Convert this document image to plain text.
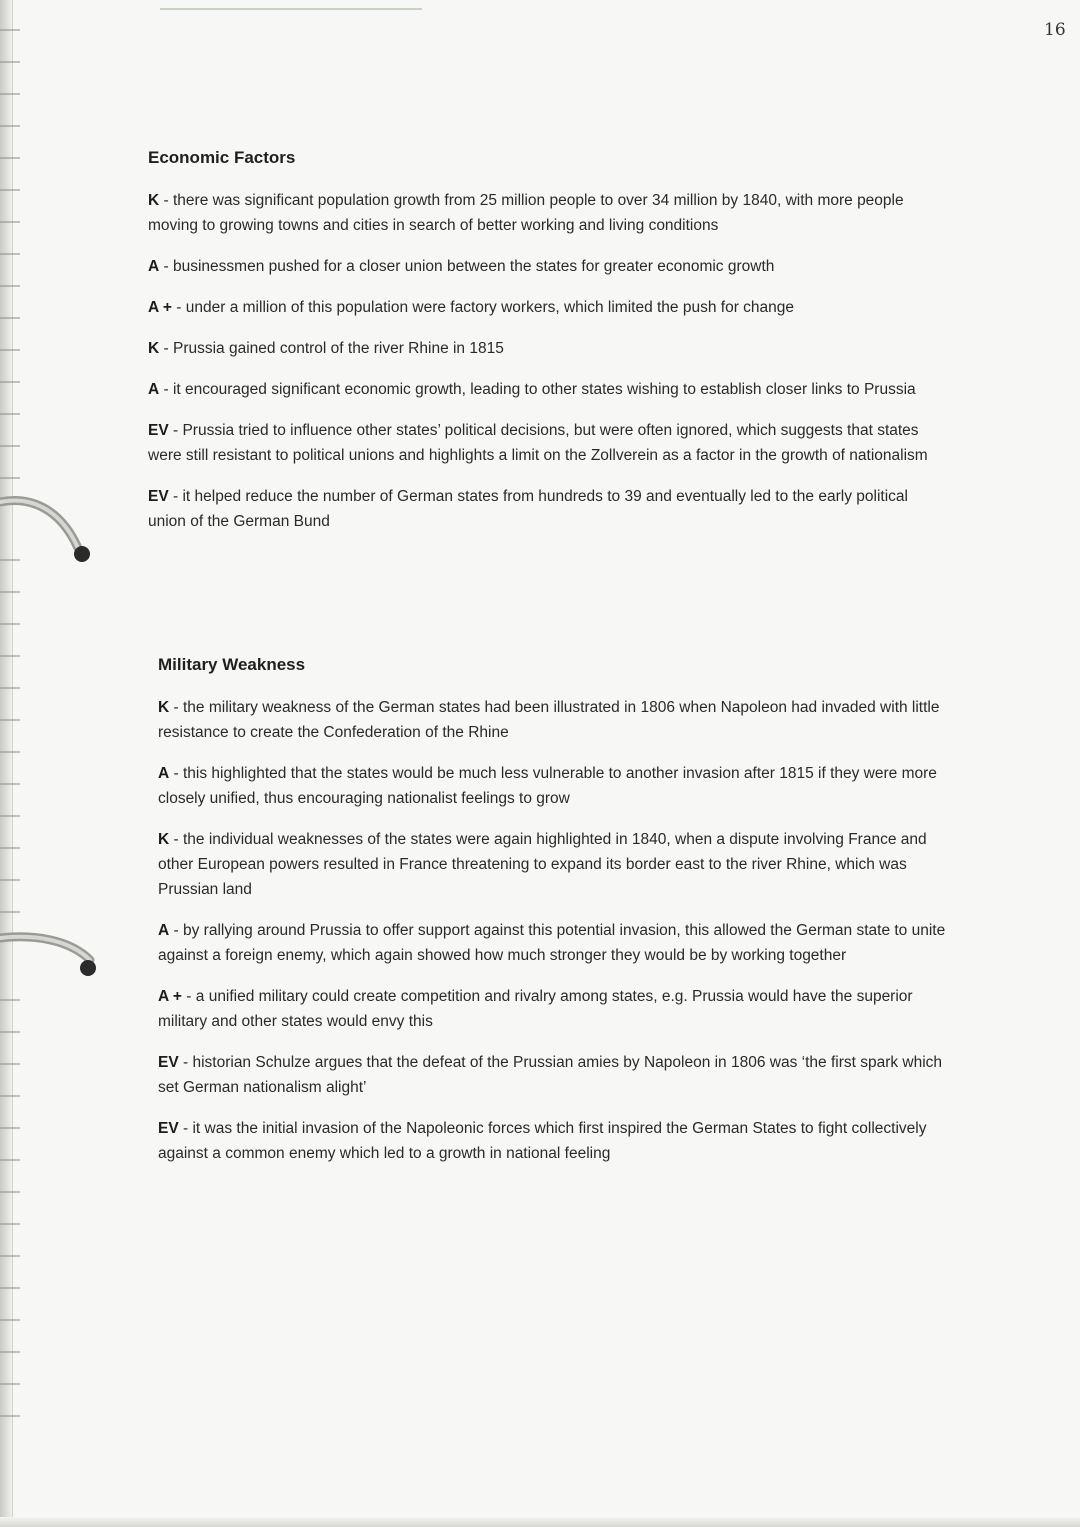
16
Economic Factors
K - there was significant population growth from 25 million people to over 34 million by 1840, with more people moving to growing towns and cities in search of better working and living conditions
A - businessmen pushed for a closer union between the states for greater economic growth
A + - under a million of this population were factory workers, which limited the push for change
K - Prussia gained control of the river Rhine in 1815
A - it encouraged significant economic growth, leading to other states wishing to establish closer links to Prussia
EV - Prussia tried to influence other states’ political decisions, but were often ignored, which suggests that states were still resistant to political unions and highlights a limit on the Zollverein as a factor in the growth of nationalism
EV - it helped reduce the number of German states from hundreds to 39 and eventually led to the early political union of the German Bund
Military Weakness
K - the military weakness of the German states had been illustrated in 1806 when Napoleon had invaded with little resistance to create the Confederation of the Rhine
A - this highlighted that the states would be much less vulnerable to another invasion after 1815 if they were more closely unified, thus encouraging nationalist feelings to grow
K - the individual weaknesses of the states were again highlighted in 1840, when a dispute involving France and other European powers resulted in France threatening to expand its border east to the river Rhine, which was Prussian land
A - by rallying around Prussia to offer support against this potential invasion, this allowed the German state to unite against a foreign enemy, which again showed how much stronger they would be by working together
A + - a unified military could create competition and rivalry among states, e.g. Prussia would have the superior military and other states would envy this
EV - historian Schulze argues that the defeat of the Prussian amies by Napoleon in 1806 was ‘the first spark which set German nationalism alight’
EV - it was the initial invasion of the Napoleonic forces which first inspired the German States to fight collectively against a common enemy which led to a growth in national feeling
